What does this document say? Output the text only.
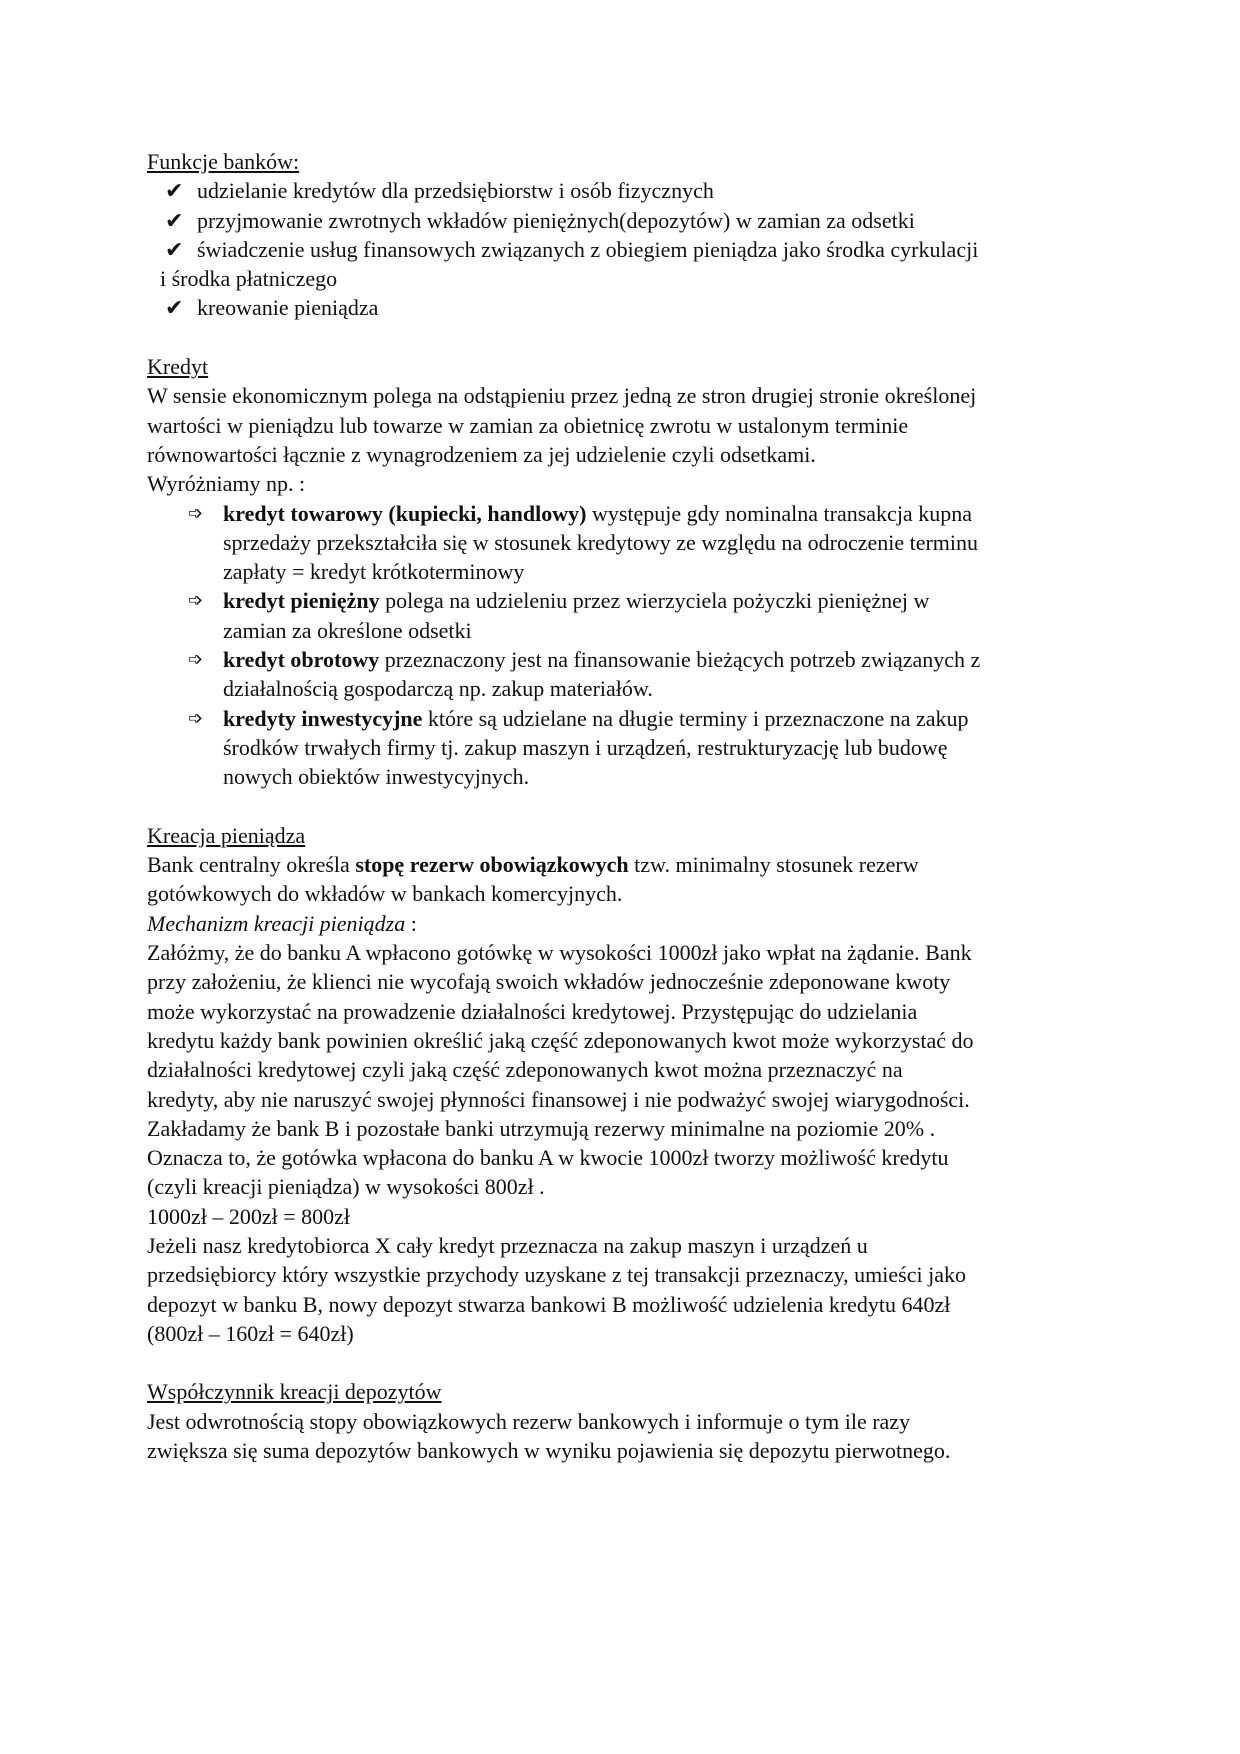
Funkcje banków:
✔ udzielanie kredytów dla przedsiębiorstw i osób fizycznych
✔ przyjmowanie zwrotnych wkładów pieniężnych(depozytów) w zamian za odsetki
✔ świadczenie usług finansowych związanych z obiegiem pieniądza jako środka cyrkulacji
i środka płatniczego
✔ kreowanie pieniądza
Kredyt
W sensie ekonomicznym polega na odstąpieniu przez jedną ze stron drugiej stronie określonej
wartości w pieniądzu lub towarze w zamian za obietnicę zwrotu w ustalonym terminie
równowartości łącznie z wynagrodzeniem za jej udzielenie czyli odsetkami.
Wyróżniamy np. :
➩ kredyt towarowy (kupiecki, handlowy) występuje gdy nominalna transakcja kupna
sprzedaży przekształciła się w stosunek kredytowy ze względu na odroczenie terminu
zapłaty = kredyt krótkoterminowy
➩ kredyt pieniężny polega na udzieleniu przez wierzyciela pożyczki pieniężnej w
zamian za określone odsetki
➩ kredyt obrotowy przeznaczony jest na finansowanie bieżących potrzeb związanych z
działalnością gospodarczą np. zakup materiałów.
➩ kredyty inwestycyjne które są udzielane na długie terminy i przeznaczone na zakup
środków trwałych firmy tj. zakup maszyn i urządzeń, restrukturyzację lub budowę
nowych obiektów inwestycyjnych.
Kreacja pieniądza
Bank centralny określa stopę rezerw obowiązkowych tzw. minimalny stosunek rezerw
gotówkowych do wkładów w bankach komercyjnych.
Mechanizm kreacji pieniądza :
Załóżmy, że do banku A wpłacono gotówkę w wysokości 1000zł jako wpłat na żądanie. Bank
przy założeniu, że klienci nie wycofają swoich wkładów jednocześnie zdeponowane kwoty
może wykorzystać na prowadzenie działalności kredytowej. Przystępując do udzielania
kredytu każdy bank powinien określić jaką część zdeponowanych kwot może wykorzystać do
działalności kredytowej czyli jaką część zdeponowanych kwot można przeznaczyć na
kredyty, aby nie naruszyć swojej płynności finansowej i nie podważyć swojej wiarygodności.
Zakładamy że bank B i pozostałe banki utrzymują rezerwy minimalne na poziomie 20% .
Oznacza to, że gotówka wpłacona do banku A w kwocie 1000zł tworzy możliwość kredytu
(czyli kreacji pieniądza) w wysokości 800zł .
1000zł – 200zł = 800zł
Jeżeli nasz kredytobiorca X cały kredyt przeznacza na zakup maszyn i urządzeń u
przedsiębiorcy który wszystkie przychody uzyskane z tej transakcji przeznaczy, umieści jako
depozyt w banku B, nowy depozyt stwarza bankowi B możliwość udzielenia kredytu 640zł
(800zł – 160zł = 640zł)
Współczynnik kreacji depozytów
Jest odwrotnością stopy obowiązkowych rezerw bankowych i informuje o tym ile razy
zwiększa się suma depozytów bankowych w wyniku pojawienia się depozytu pierwotnego.
